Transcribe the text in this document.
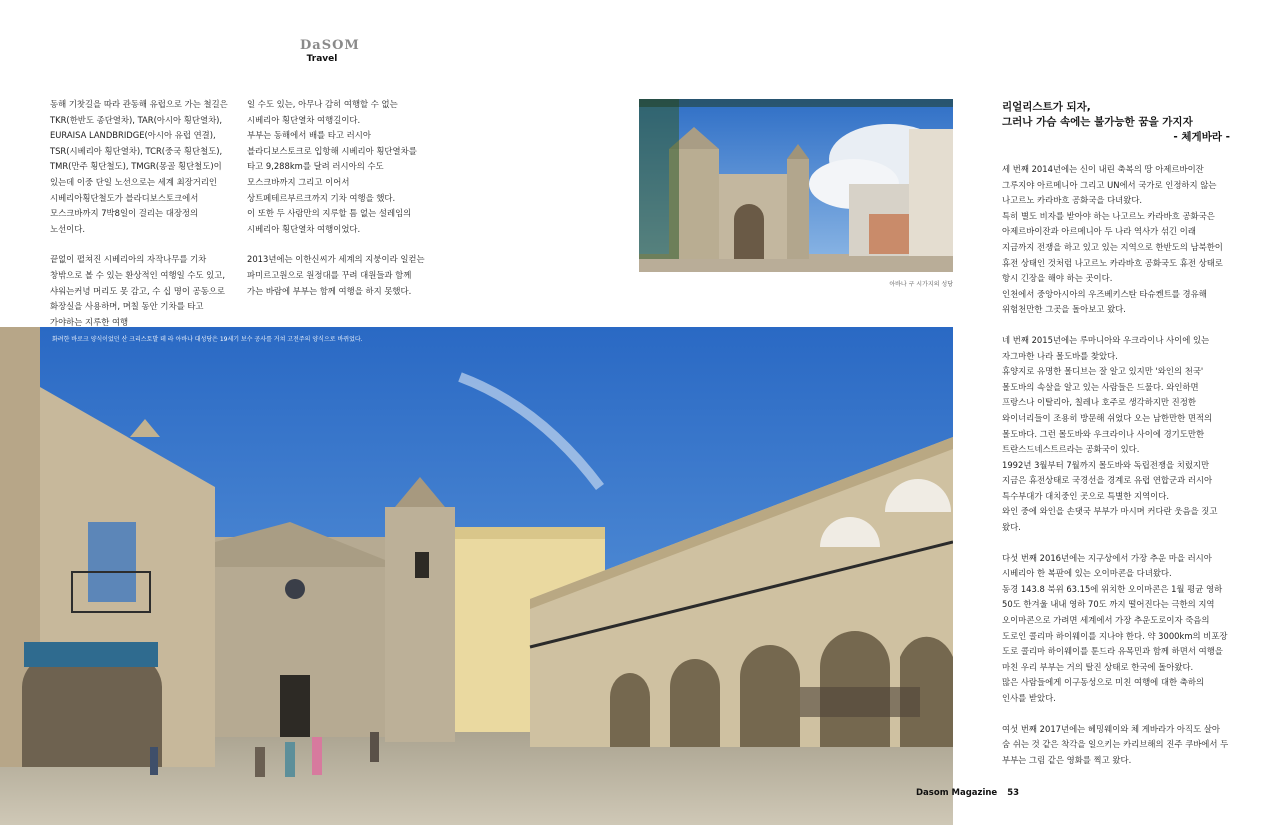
DaSOM
Travel

동해 기찻길을 따라 관동해 유럽으로 가는 철길은 TKR(한반도 종단열차), TAR(아시아 횡단열차), EURAISA LANDBRIDGE(아시아 유럽 연결), TSR(시베리아 횡단열차), TCR(중국 횡단철도), TMR(만주 횡단철도), TMGR(몽골 횡단철도)이 있는데 이중 단일 노선으로는 세계 최장거리인 시베리아횡단철도가 블라디보스토크에서 모스크바까지 7박8일이 걸리는 대장정의 노선이다.

끝없이 펼쳐진 시베리아의 자작나무를 기차 창밖으로 볼 수 있는 환상적인 여행일 수도 있고, 샤워는커녕 머리도 못 감고, 수 십 명이 공동으로 화장실을 사용하며, 며칠 동안 기차를 타고 가야하는 지루한 여행

일 수도 있는, 아무나 감히 여행할 수 없는 시베리아 횡단열차 여행길이다.

부부는 동해에서 배를 타고 러시아 블라디보스토크로 입항해 시베리아 횡단열차를 타고 9,288km를 달려 러시아의 수도 모스크바까지 그리고 이어서 상트페테르부르크까지 기차 여행을 했다.

이 또한 두 사람만의 지루할 틈 없는 설레임의 시베리아 횡단열차 여행이었다.

2013년에는 이한신씨가 세계의 지붕이라 일컫는 파미르고원으로 원정대를 꾸려 대원들과 함께 가는 바람에 부부는 함께 여행을 하지 못했다.

아바나 구 시가지의 성당
리얼리스트가 되자,
그러나 가슴 속에는 불가능한 꿈을 가지자
- 체게바라 -

세 번째 2014년에는 신이 내린 축복의 땅 아제르바이잔 그루지야 아르메니아 그리고 UN에서 국가로 인정하지 않는 나고르노 카라바흐 공화국을 다녀왔다.

특히 별도 비자를 받아야 하는 나고르노 카라바흐 공화국은 아제르바이잔과 아르메니아 두 나라 역사가 섞긴 이래 지금까지 전쟁을 하고 있고 있는 지역으로 한반도의 남북한이 휴전 상태인 것처럼 나고르노 카라바흐 공화국도 휴전 상태로 항시 긴장을 해야 하는 곳이다.

인천에서 중앙아시아의 우즈베키스탄 타슈켄트를 경유해 위험천만한 그곳을 돌아보고 왔다.

네 번째 2015년에는 루마니아와 우크라이나 사이에 있는 자그마한 나라 몰도바를 찾았다.

휴양지로 유명한 몰디브는 잘 알고 있지만 '와인의 천국' 몰도바의 속살을 알고 있는 사람들은 드물다. 와인하면 프랑스나 이탈리아, 칠레나 호주로 생각하지만 진정한 와이너리들이 조용히 방문해 쉬었다 오는 남한만한 면적의 몰도바다. 그런 몰도바와 우크라이나 사이에 경기도만한 트란스드네스트르라는 공화국이 있다.

1992년 3월부터 7월까지 몰도바와 독립전쟁을 치렀지만 지금은 휴전상태로 국경선을 경계로 유럽 연합군과 러시아 특수부대가 대치중인 곳으로 특별한 지역이다.

와인 중에 와인을 손댓국 부부가 마시며 커다란 웃음을 짓고 왔다.

다섯 번째 2016년에는 지구상에서 가장 추운 마을 러시아 시베리아 한 복판에 있는 오이마콘을 다녀왔다.

동경 143.8 북위 63.15에 위치한 오이마콘은 1월 평균 영하 50도 한겨울 내내 영하 70도 까지 떨어진다는 극한의 지역 오이마콘으로 가려면 세계에서 가장 추운도로이자 죽음의 도로인 콜리마 하이웨이를 지나야 한다. 약 3000km의 비포장 도로 콜리마 하이웨이를 툰드라 유목민과 함께 하면서 여행을 마친 우리 부부는 거의 탈진 상태로 한국에 돌아왔다.

많은 사람들에게 이구동성으로 미친 여행에 대한 축하의 인사를 받았다.

여섯 번째 2017년에는 헤밍웨이와 체 게바라가 아직도 살아 숨 쉬는 것 같은 착각을 일으키는 카리브해의 진주 쿠바에서 두 부부는 그림 같은 영화를 찍고 왔다.

화려한 바로크 양식이었던 산 크리스토발 데 라 아바나 대성당은 19세기 보수 공사를 거쳐 고전주의 양식으로 바뀌었다.
Dasom Magazine 53
